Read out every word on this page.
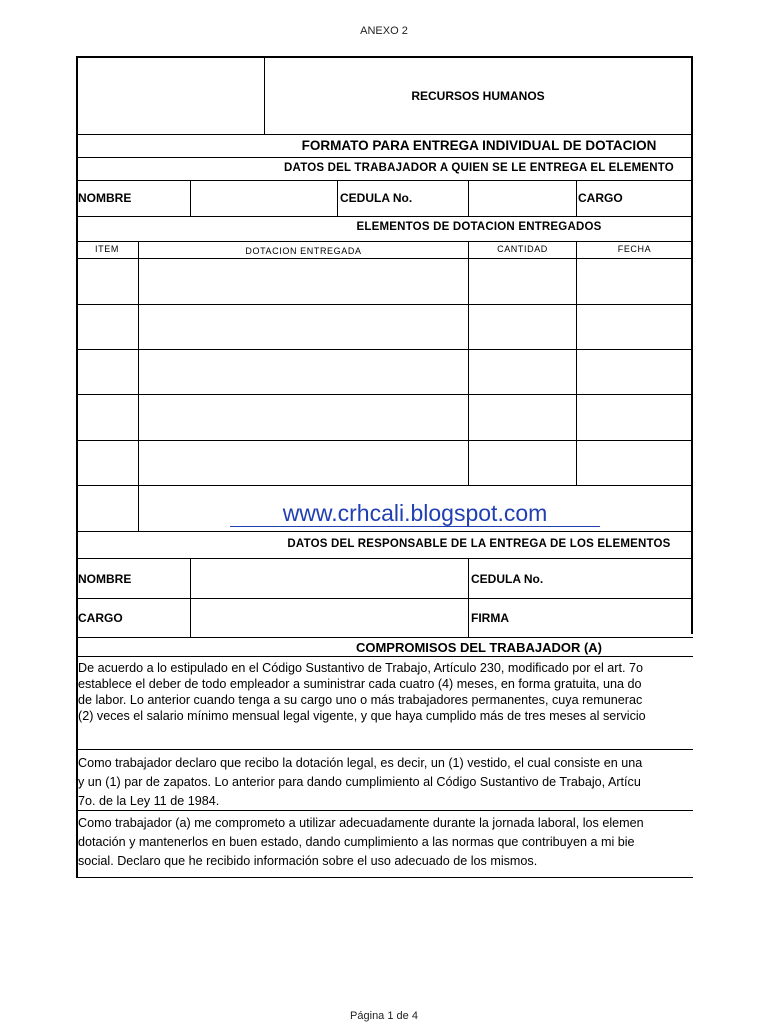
ANEXO 2
RECURSOS HUMANOS
FORMATO PARA ENTREGA INDIVIDUAL DE DOTACION
DATOS DEL TRABAJADOR A QUIEN SE LE ENTREGA EL ELEMENTO
NOMBRE	CEDULA No.	CARGO
ELEMENTOS DE DOTACION ENTREGADOS
ITEM	DOTACION ENTREGADA	CANTIDAD	FECHA
www.crhcali.blogspot.com
DATOS DEL RESPONSABLE DE LA ENTREGA DE LOS ELEMENTOS
NOMBRE	CEDULA No.
CARGO	FIRMA
COMPROMISOS DEL TRABAJADOR (A)
De acuerdo a lo estipulado en el Código Sustantivo de Trabajo, Artículo 230, modificado por el art. 7o
establece el deber de todo empleador a suministrar cada cuatro (4) meses, en forma gratuita, una do
de labor. Lo anterior cuando tenga a su cargo uno o más trabajadores permanentes, cuya remunerac
(2) veces el salario mínimo mensual legal vigente, y que haya cumplido más de tres meses al servicio
Como trabajador declaro que recibo la dotación legal, es decir, un (1) vestido, el cual consiste en una
y un (1) par de zapatos. Lo anterior para dando cumplimiento al Código Sustantivo de Trabajo, Artícu
7o. de la Ley 11 de 1984.
Como trabajador (a) me comprometo a utilizar adecuadamente durante la jornada laboral, los elemen
dotación y mantenerlos en buen estado, dando cumplimiento a las normas que contribuyen a mi bie
social. Declaro que he recibido información sobre el uso adecuado de los mismos.
Página 1 de 4
